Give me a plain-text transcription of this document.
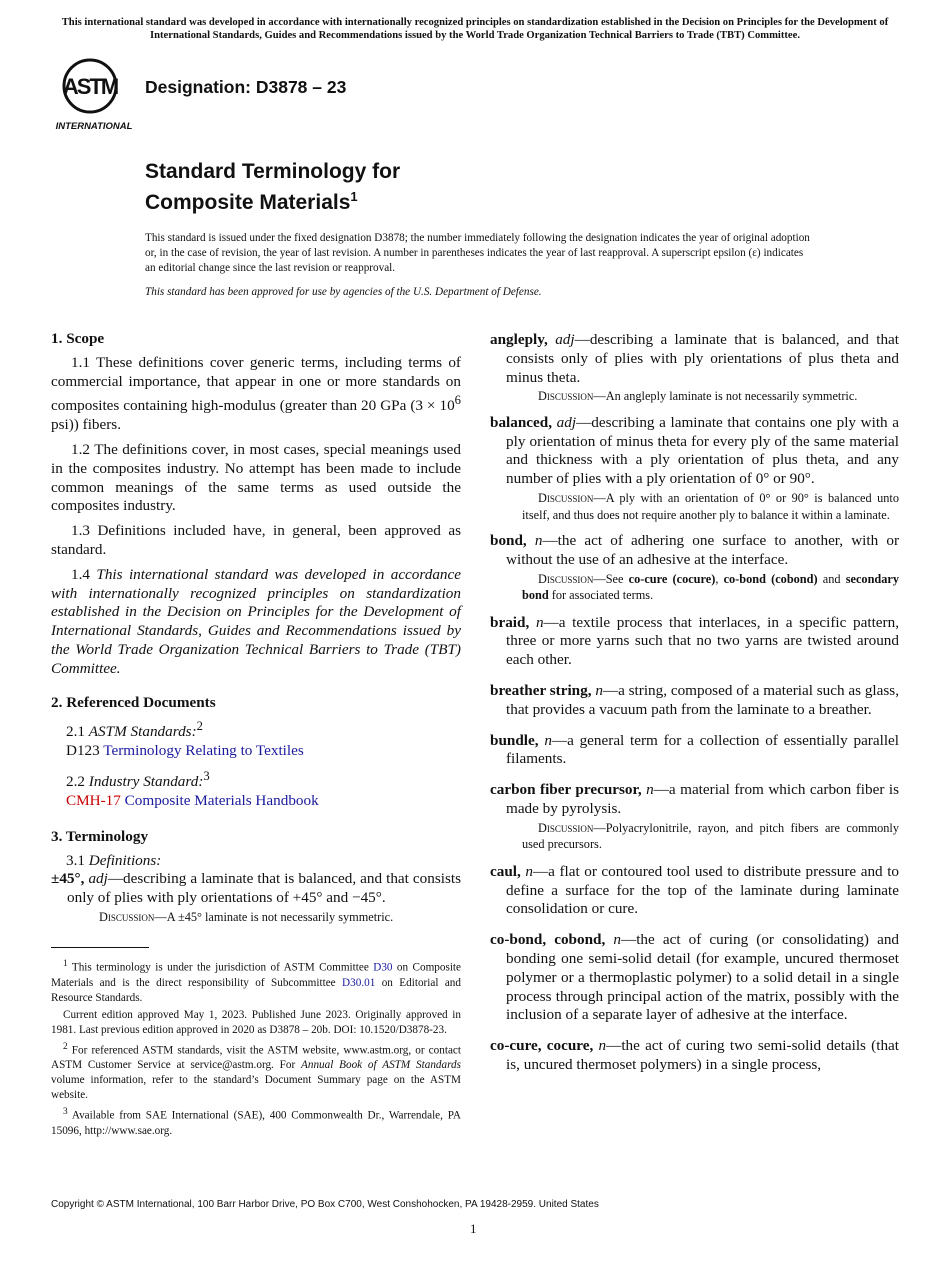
This international standard was developed in accordance with internationally recognized principles on standardization established in the Decision on Principles for the Development of International Standards, Guides and Recommendations issued by the World Trade Organization Technical Barriers to Trade (TBT) Committee.
ASTM
INTERNATIONAL
Designation: D3878 – 23
Standard Terminology for
Composite Materials$^1$
This standard is issued under the fixed designation D3878; the number immediately following the designation indicates the year of original adoption or, in the case of revision, the year of last revision. A number in parentheses indicates the year of last reapproval. A superscript epsilon (ε) indicates an editorial change since the last revision or reapproval.
This standard has been approved for use by agencies of the U.S. Department of Defense.
1. Scope

1.1 These definitions cover generic terms, including terms of commercial importance, that appear in one or more standards on composites containing high-modulus (greater than 20 GPa ($3 \times 10^6$ psi)) fibers.

1.2 The definitions cover, in most cases, special meanings used in the composites industry. No attempt has been made to include common meanings of the same terms as used outside the composites industry.

1.3 Definitions included have, in general, been approved as standard.

1.4 This international standard was developed in accordance with internationally recognized principles on standardization established in the Decision on Principles for the Development of International Standards, Guides and Recommendations issued by the World Trade Organization Technical Barriers to Trade (TBT) Committee.

2. Referenced Documents
2.1 ASTM Standards:$^2$
D123 Terminology Relating to Textiles
2.2 Industry Standard:$^3$
CMH-17 Composite Materials Handbook
3. Terminology
3.1 Definitions:
±45°, adj—describing a laminate that is balanced, and that consists only of plies with ply orientations of +45° and −45°.
Discussion—A ±45° laminate is not necessarily symmetric.

$^1$ This terminology is under the jurisdiction of ASTM Committee D30 on Composite Materials and is the direct responsibility of Subcommittee D30.01 on Editorial and Resource Standards.

Current edition approved May 1, 2023. Published June 2023. Originally approved in 1981. Last previous edition approved in 2020 as D3878 – 20b. DOI: 10.1520/D3878-23.

$^2$ For referenced ASTM standards, visit the ASTM website, www.astm.org, or contact ASTM Customer Service at service@astm.org. For Annual Book of ASTM Standards volume information, refer to the standard’s Document Summary page on the ASTM website.

$^3$ Available from SAE International (SAE), 400 Commonwealth Dr., Warrendale, PA 15096, http://www.sae.org.

angleply, adj—describing a laminate that is balanced, and that consists only of plies with ply orientations of plus theta and minus theta.
Discussion—An angleply laminate is not necessarily symmetric.
balanced, adj—describing a laminate that contains one ply with a ply orientation of minus theta for every ply of the same material and thickness with a ply orientation of plus theta, and any number of plies with a ply orientation of 0° or 90°.
Discussion—A ply with an orientation of 0° or 90° is balanced unto itself, and thus does not require another ply to balance it within a laminate.
bond, n—the act of adhering one surface to another, with or without the use of an adhesive at the interface.
Discussion—See co-cure (cocure), co-bond (cobond) and secondary bond for associated terms.
braid, n—a textile process that interlaces, in a specific pattern, three or more yarns such that no two yarns are twisted around each other.
breather string, n—a string, composed of a material such as glass, that provides a vacuum path from the laminate to a breather.
bundle, n—a general term for a collection of essentially parallel filaments.
carbon fiber precursor, n—a material from which carbon fiber is made by pyrolysis.
Discussion—Polyacrylonitrile, rayon, and pitch fibers are commonly used precursors.
caul, n—a flat or contoured tool used to distribute pressure and to define a surface for the top of the laminate during laminate consolidation or cure.
co-bond, cobond, n—the act of curing (or consolidating) and bonding one semi-solid detail (for example, uncured thermoset polymer or a thermoplastic polymer) to a solid detail in a single process through principal action of the matrix, possibly with the inclusion of a separate layer of adhesive at the interface.
co-cure, cocure, n—the act of curing two semi-solid details (that is, uncured thermoset polymers) in a single process,
Copyright © ASTM International, 100 Barr Harbor Drive, PO Box C700, West Conshohocken, PA 19428-2959. United States
1
